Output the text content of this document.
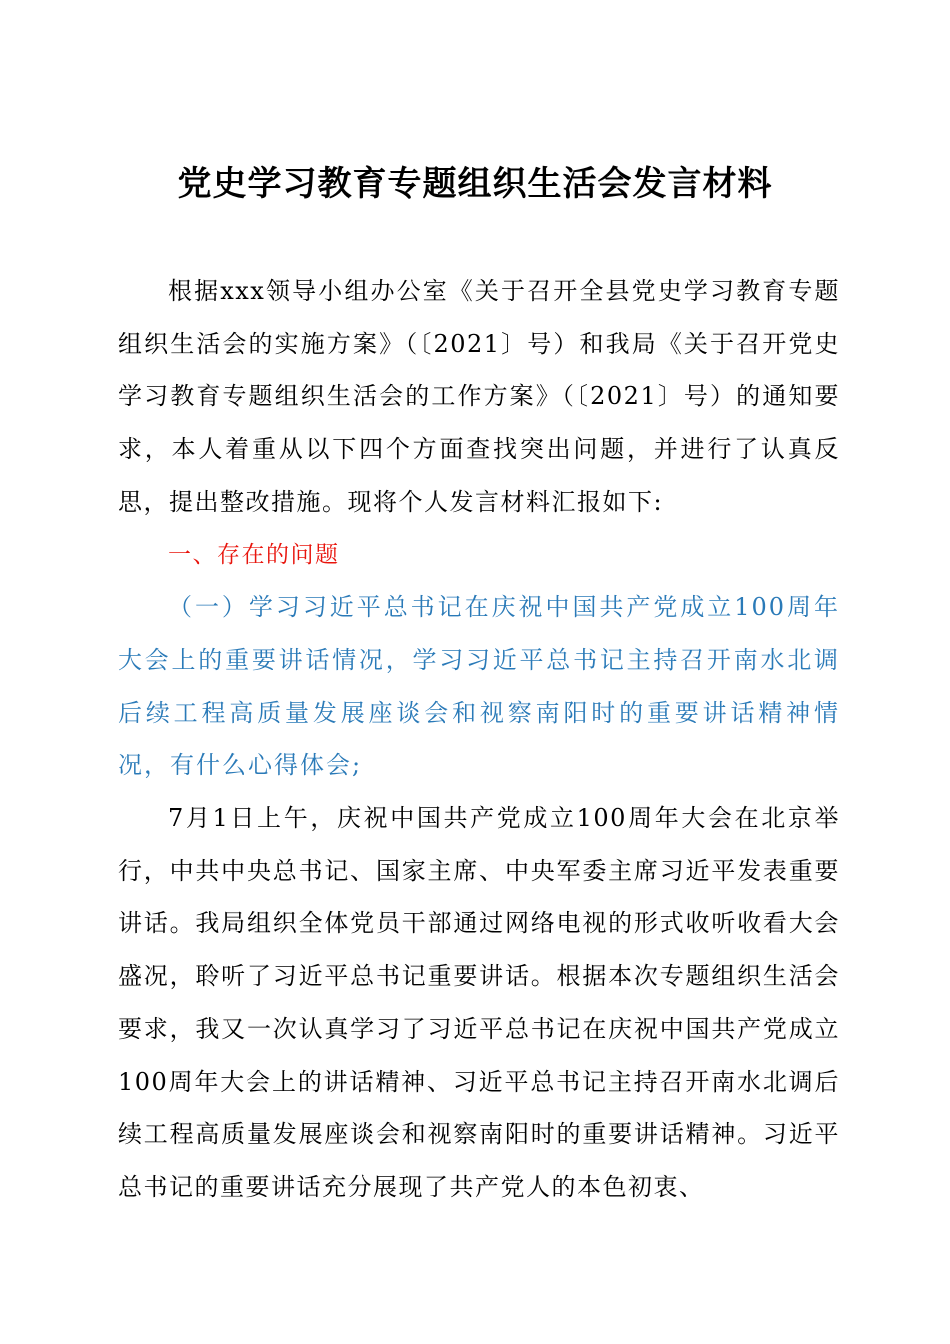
党史学习教育专题组织生活会发言材料

根据xxx领导小组办公室《关于召开全县党史学习教育专题组织生活会的实施方案》（〔2021〕号）和我局《关于召开党史学习教育专题组织生活会的工作方案》（〔2021〕号）的通知要求，本人着重从以下四个方面查找突出问题，并进行了认真反思，提出整改措施。现将个人发言材料汇报如下:

一、存在的问题

（一）学习习近平总书记在庆祝中国共产党成立100周年大会上的重要讲话情况，学习习近平总书记主持召开南水北调后续工程高质量发展座谈会和视察南阳时的重要讲话精神情况，有什么心得体会;

7月1日上午，庆祝中国共产党成立100周年大会在北京举行，中共中央总书记、国家主席、中央军委主席习近平发表重要讲话。我局组织全体党员干部通过网络电视的形式收听收看大会盛况，聆听了习近平总书记重要讲话。根据本次专题组织生活会要求，我又一次认真学习了习近平总书记在庆祝中国共产党成立100周年大会上的讲话精神、习近平总书记主持召开南水北调后续工程高质量发展座谈会和视察南阳时的重要讲话精神。习近平总书记的重要讲话充分展现了共产党人的本色初衷、
